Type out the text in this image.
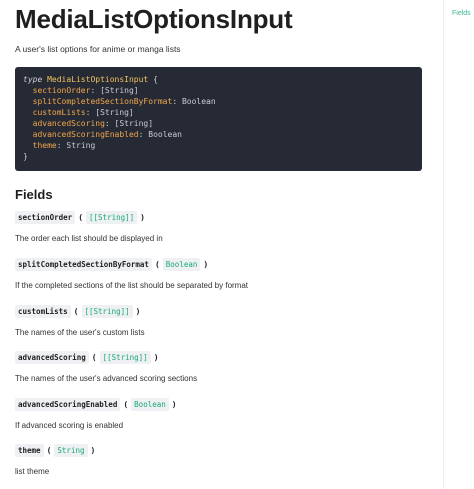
MediaListOptionsInput
A user's list options for anime or manga lists
type MediaListOptionsInput {
sectionOrder: [String]
splitCompletedSectionByFormat: Boolean
customLists: [String]
advancedScoring: [String]
advancedScoringEnabled: Boolean
theme: String
}
Fields
sectionOrder ( [[String]] )
The order each list should be displayed in
splitCompletedSectionByFormat ( Boolean )
If the completed sections of the list should be separated by format
customLists ( [[String]] )
The names of the user's custom lists
advancedScoring ( [[String]] )
The names of the user's advanced scoring sections
advancedScoringEnabled ( Boolean )
If advanced scoring is enabled
theme ( String )
list theme
Fields
